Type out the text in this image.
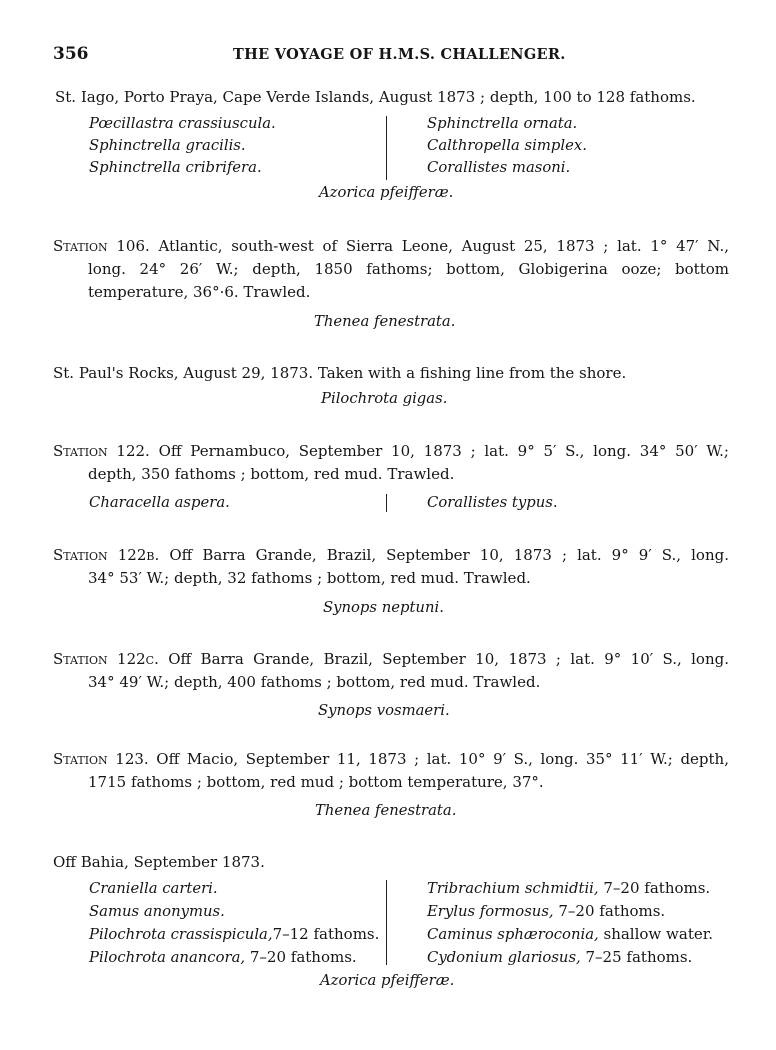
356	THE VOYAGE OF H.M.S. CHALLENGER.
St. Iago, Porto Praya, Cape Verde Islands, August 1873 ; depth, 100 to 128 fathoms.
Pœcillastra crassiuscula.
Sphinctrella gracilis.
Sphinctrella cribrifera.
Sphinctrella ornata.
Calthropella simplex.
Corallistes masoni.
Azorica pfeifferæ.
Station 106. Atlantic, south-west of Sierra Leone, August 25, 1873 ; lat. 1° 47′ N.,
long. 24° 26′ W.; depth, 1850 fathoms; bottom, Globigerina ooze; bottom
temperature, 36°·6. Trawled.
Thenea fenestrata.
St. Paul's Rocks, August 29, 1873. Taken with a fishing line from the shore.
Pilochrota gigas.
Station 122. Off Pernambuco, September 10, 1873 ; lat. 9° 5′ S., long. 34° 50′ W.;
depth, 350 fathoms ; bottom, red mud. Trawled.
Characella aspera.	Corallistes typus.
Station 122b. Off Barra Grande, Brazil, September 10, 1873 ; lat. 9° 9′ S., long.
34° 53′ W.; depth, 32 fathoms ; bottom, red mud. Trawled.
Synops neptuni.
Station 122c. Off Barra Grande, Brazil, September 10, 1873 ; lat. 9° 10′ S., long.
34° 49′ W.; depth, 400 fathoms ; bottom, red mud. Trawled.
Synops vosmaeri.
Station 123. Off Macio, September 11, 1873 ; lat. 10° 9′ S., long. 35° 11′ W.; depth,
1715 fathoms ; bottom, red mud ; bottom temperature, 37°.
Thenea fenestrata.
Off Bahia, September 1873.
Craniella carteri.
Samus anonymus.
Pilochrota crassispicula,7–12 fathoms.
Pilochrota anancora, 7–20 fathoms.
Tribrachium schmidtii, 7–20 fathoms.
Erylus formosus, 7–20 fathoms.
Caminus sphæroconia, shallow water.
Cydonium glariosus, 7–25 fathoms.
Azorica pfeifferæ.
